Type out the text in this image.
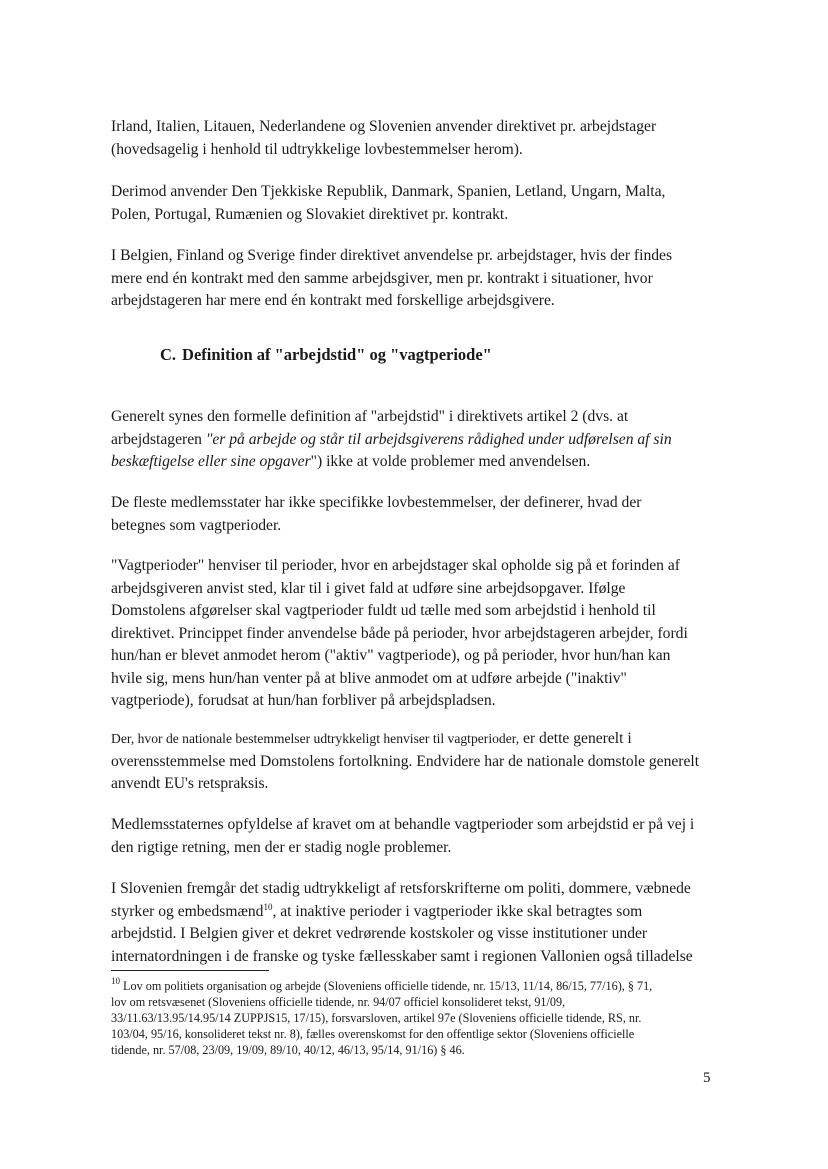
Irland, Italien, Litauen, Nederlandene og Slovenien anvender direktivet pr. arbejdstager
(hovedsagelig i henhold til udtrykkelige lovbestemmelser herom).

Derimod anvender Den Tjekkiske Republik, Danmark, Spanien, Letland, Ungarn, Malta,
Polen, Portugal, Rumænien og Slovakiet direktivet pr. kontrakt.

I Belgien, Finland og Sverige finder direktivet anvendelse pr. arbejdstager, hvis der findes
mere end én kontrakt med den samme arbejdsgiver, men pr. kontrakt i situationer, hvor
arbejdstageren har mere end én kontrakt med forskellige arbejdsgivere.

C. Definition af "arbejdstid" og "vagtperiode"

Generelt synes den formelle definition af "arbejdstid" i direktivets artikel 2 (dvs. at
arbejdstageren "er på arbejde og står til arbejdsgiverens rådighed under udførelsen af sin
beskæftigelse eller sine opgaver") ikke at volde problemer med anvendelsen.

De fleste medlemsstater har ikke specifikke lovbestemmelser, der definerer, hvad der
betegnes som vagtperioder.

"Vagtperioder" henviser til perioder, hvor en arbejdstager skal opholde sig på et forinden af
arbejdsgiveren anvist sted, klar til i givet fald at udføre sine arbejdsopgaver. Ifølge
Domstolens afgørelser skal vagtperioder fuldt ud tælle med som arbejdstid i henhold til
direktivet. Princippet finder anvendelse både på perioder, hvor arbejdstageren arbejder, fordi
hun/han er blevet anmodet herom ("aktiv" vagtperiode), og på perioder, hvor hun/han kan
hvile sig, mens hun/han venter på at blive anmodet om at udføre arbejde ("inaktiv"
vagtperiode), forudsat at hun/han forbliver på arbejdspladsen.

Der, hvor de nationale bestemmelser udtrykkeligt henviser til vagtperioder, er dette generelt i
overensstemmelse med Domstolens fortolkning. Endvidere har de nationale domstole generelt
anvendt EU's retspraksis.

Medlemsstaternes opfyldelse af kravet om at behandle vagtperioder som arbejdstid er på vej i
den rigtige retning, men der er stadig nogle problemer.

I Slovenien fremgår det stadig udtrykkeligt af retsforskrifterne om politi, dommere, væbnede
styrker og embedsmænd$^{10}$, at inaktive perioder i vagtperioder ikke skal betragtes som
arbejdstid. I Belgien giver et dekret vedrørende kostskoler og visse institutioner under
internatordningen i de franske og tyske fællesskaber samt i regionen Vallonien også tilladelse

$^{10}$ Lov om politiets organisation og arbejde (Sloveniens officielle tidende, nr. 15/13, 11/14, 86/15, 77/16), § 71,
lov om retsvæsenet (Sloveniens officielle tidende, nr. 94/07 officiel konsolideret tekst, 91/09,
33/11.63/13.95/14.95/14 ZUPPJS15, 17/15), forsvarsloven, artikel 97e (Sloveniens officielle tidende, RS, nr.
103/04, 95/16, konsolideret tekst nr. 8), fælles overenskomst for den offentlige sektor (Sloveniens officielle
tidende, nr. 57/08, 23/09, 19/09, 89/10, 40/12, 46/13, 95/14, 91/16) § 46.

5
